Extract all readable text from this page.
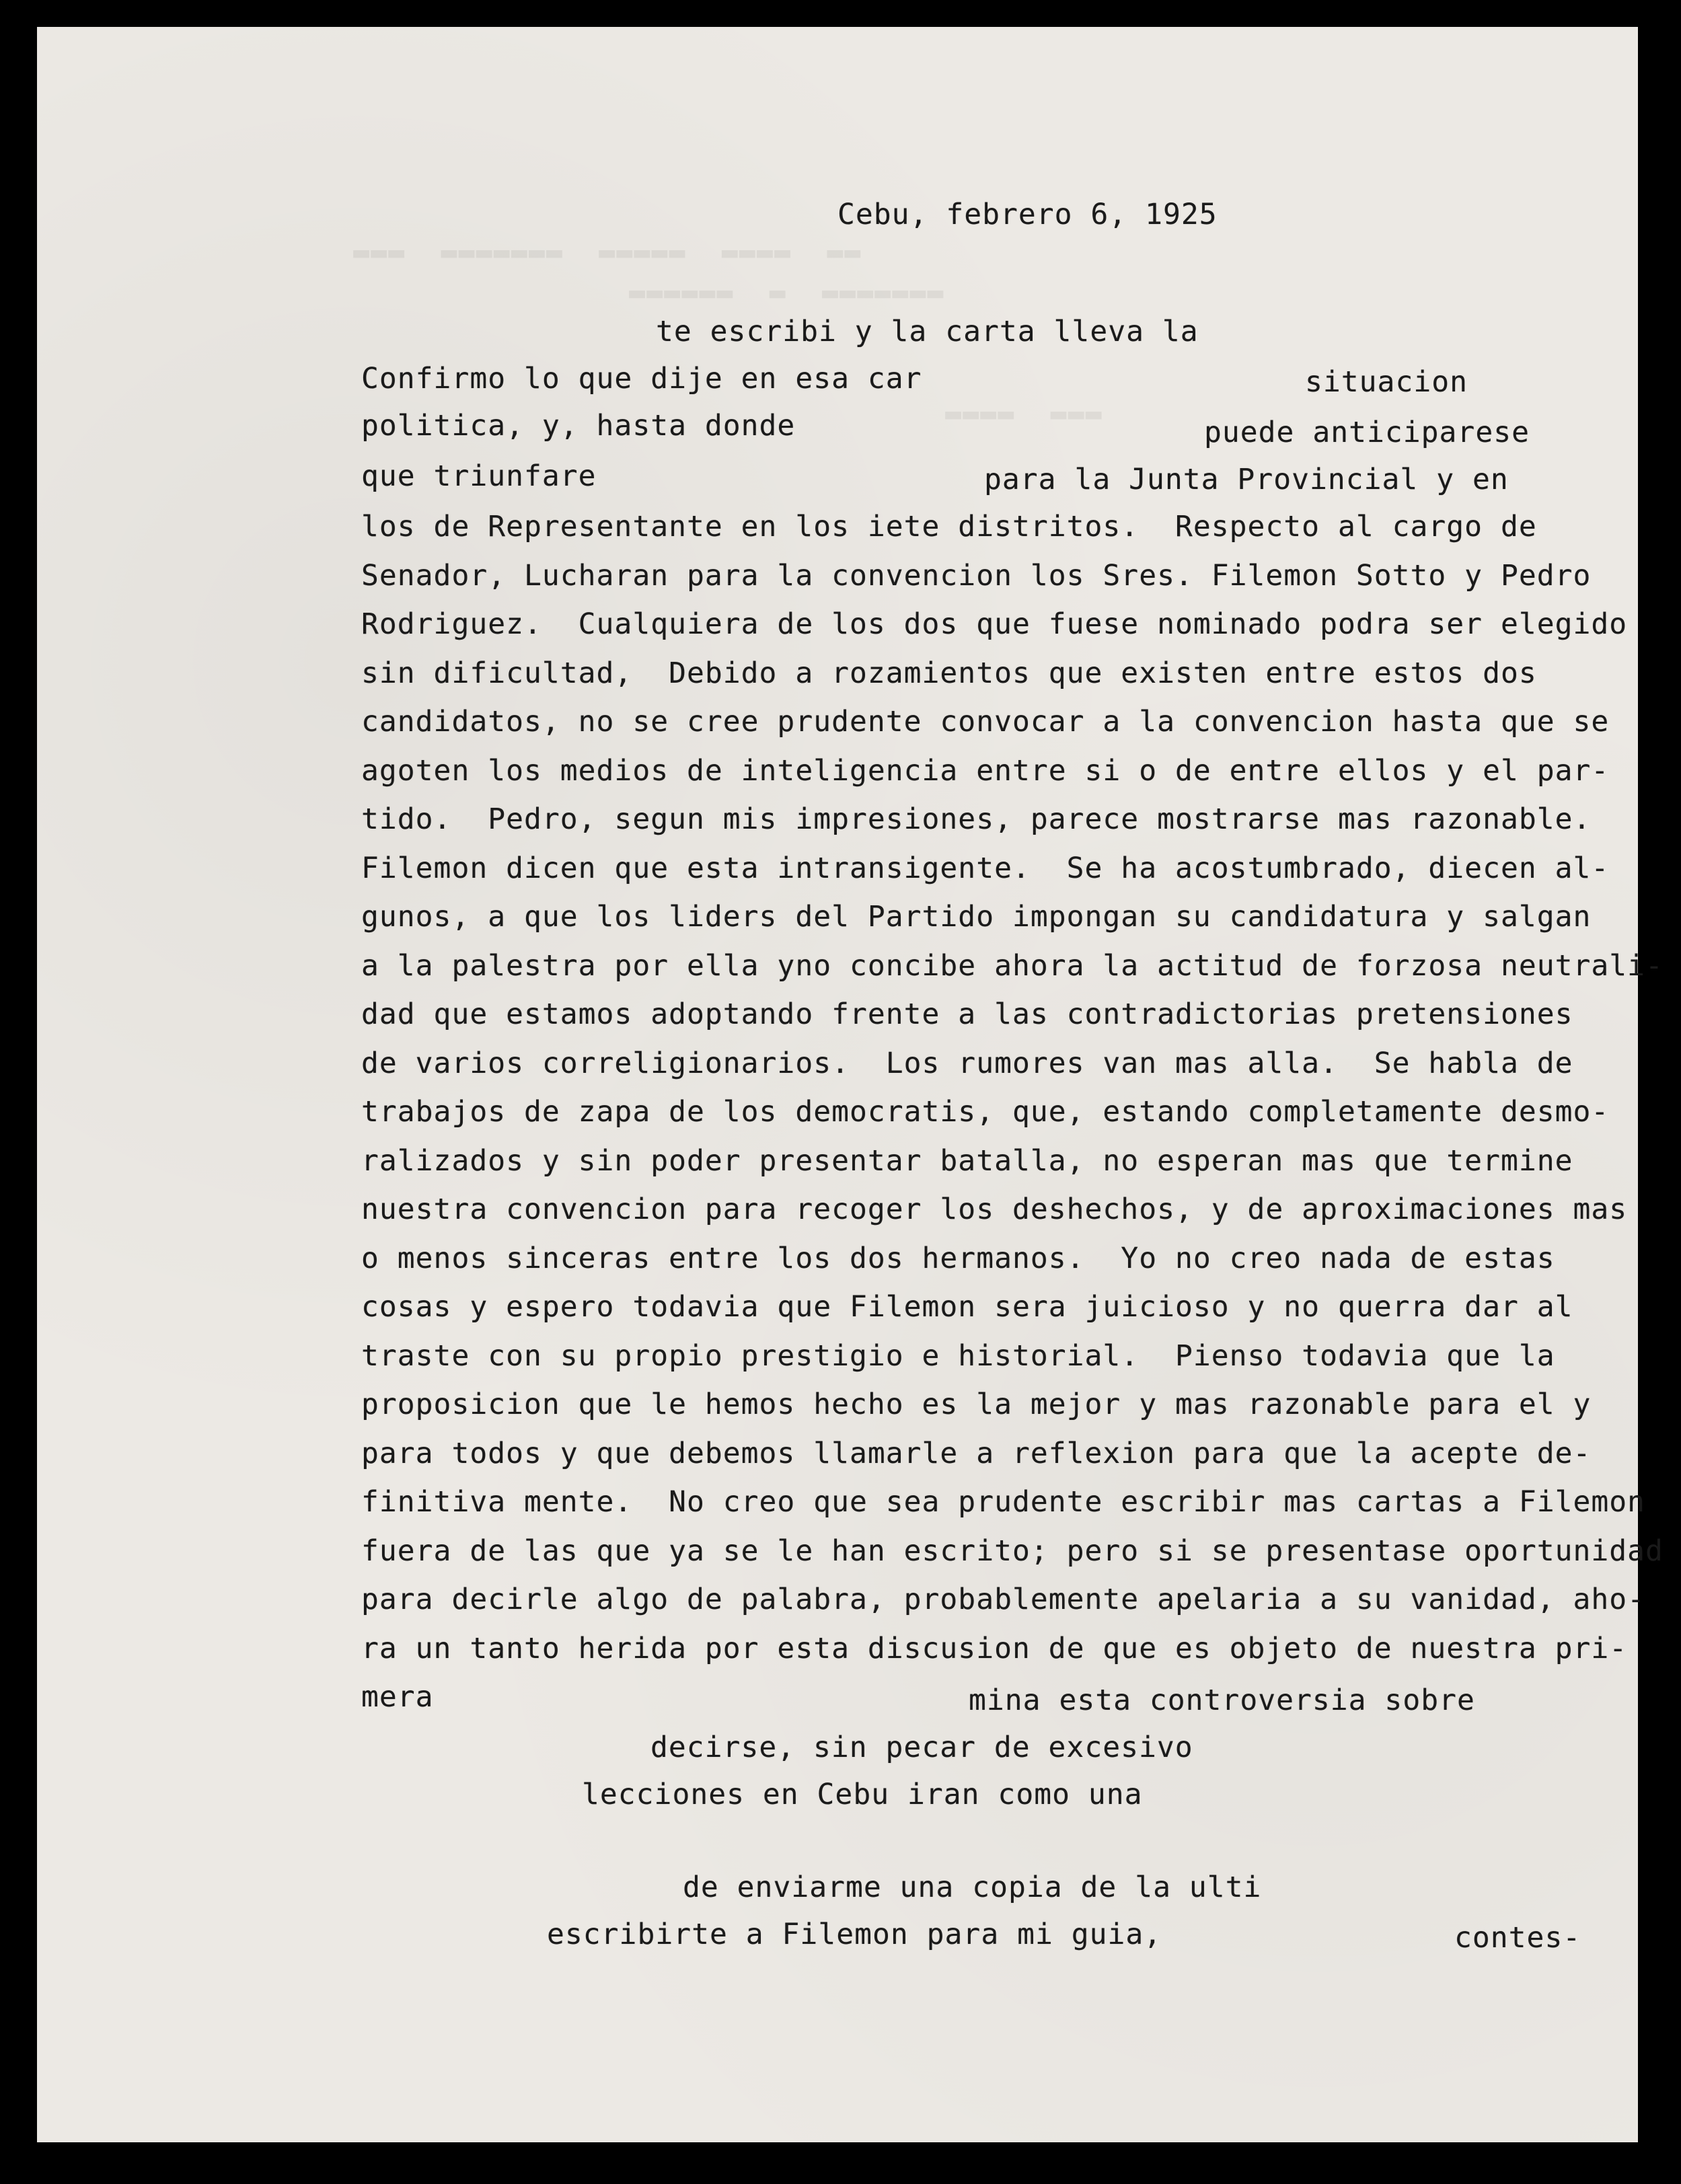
▬▬▬  ▬▬▬▬▬▬▬  ▬▬▬▬▬  ▬▬▬▬  ▬▬
▬▬▬▬▬▬  ▬  ▬▬▬▬▬▬▬
▬▬▬▬  ▬▬▬
Cebu, febrero 6, 1925
te escribi y la carta lleva la
Confirmo lo que dije en esa car	situacion
politica, y, hasta donde	puede anticiparese
que triunfare	para la Junta Provincial y en
los de Representante en los iete distritos.  Respecto al cargo de
Senador, Lucharan para la convencion los Sres. Filemon Sotto y Pedro
Rodriguez.  Cualquiera de los dos que fuese nominado podra ser elegido
sin dificultad,  Debido a rozamientos que existen entre estos dos
candidatos, no se cree prudente convocar a la convencion hasta que se
agoten los medios de inteligencia entre si o de entre ellos y el par-
tido.  Pedro, segun mis impresiones, parece mostrarse mas razonable.
Filemon dicen que esta intransigente.  Se ha acostumbrado, diecen al-
gunos, a que los liders del Partido impongan su candidatura y salgan
a la palestra por ella yno concibe ahora la actitud de forzosa neutrali-
dad que estamos adoptando frente a las contradictorias pretensiones
de varios correligionarios.  Los rumores van mas alla.  Se habla de
trabajos de zapa de los democratis, que, estando completamente desmo-
ralizados y sin poder presentar batalla, no esperan mas que termine
nuestra convencion para recoger los deshechos, y de aproximaciones mas
o menos sinceras entre los dos hermanos.  Yo no creo nada de estas
cosas y espero todavia que Filemon sera juicioso y no querra dar al
traste con su propio prestigio e historial.  Pienso todavia que la
proposicion que le hemos hecho es la mejor y mas razonable para el y
para todos y que debemos llamarle a reflexion para que la acepte de-
finitiva mente.  No creo que sea prudente escribir mas cartas a Filemon
fuera de las que ya se le han escrito; pero si se presentase oportunidad
para decirle algo de palabra, probablemente apelaria a su vanidad, aho-
ra un tanto herida por esta discusion de que es objeto de nuestra pri-
mera	mina esta controversia sobre
decirse, sin pecar de excesivo
lecciones en Cebu iran como una
de enviarme una copia de la ulti
escribirte a Filemon para mi guia,	contes-
